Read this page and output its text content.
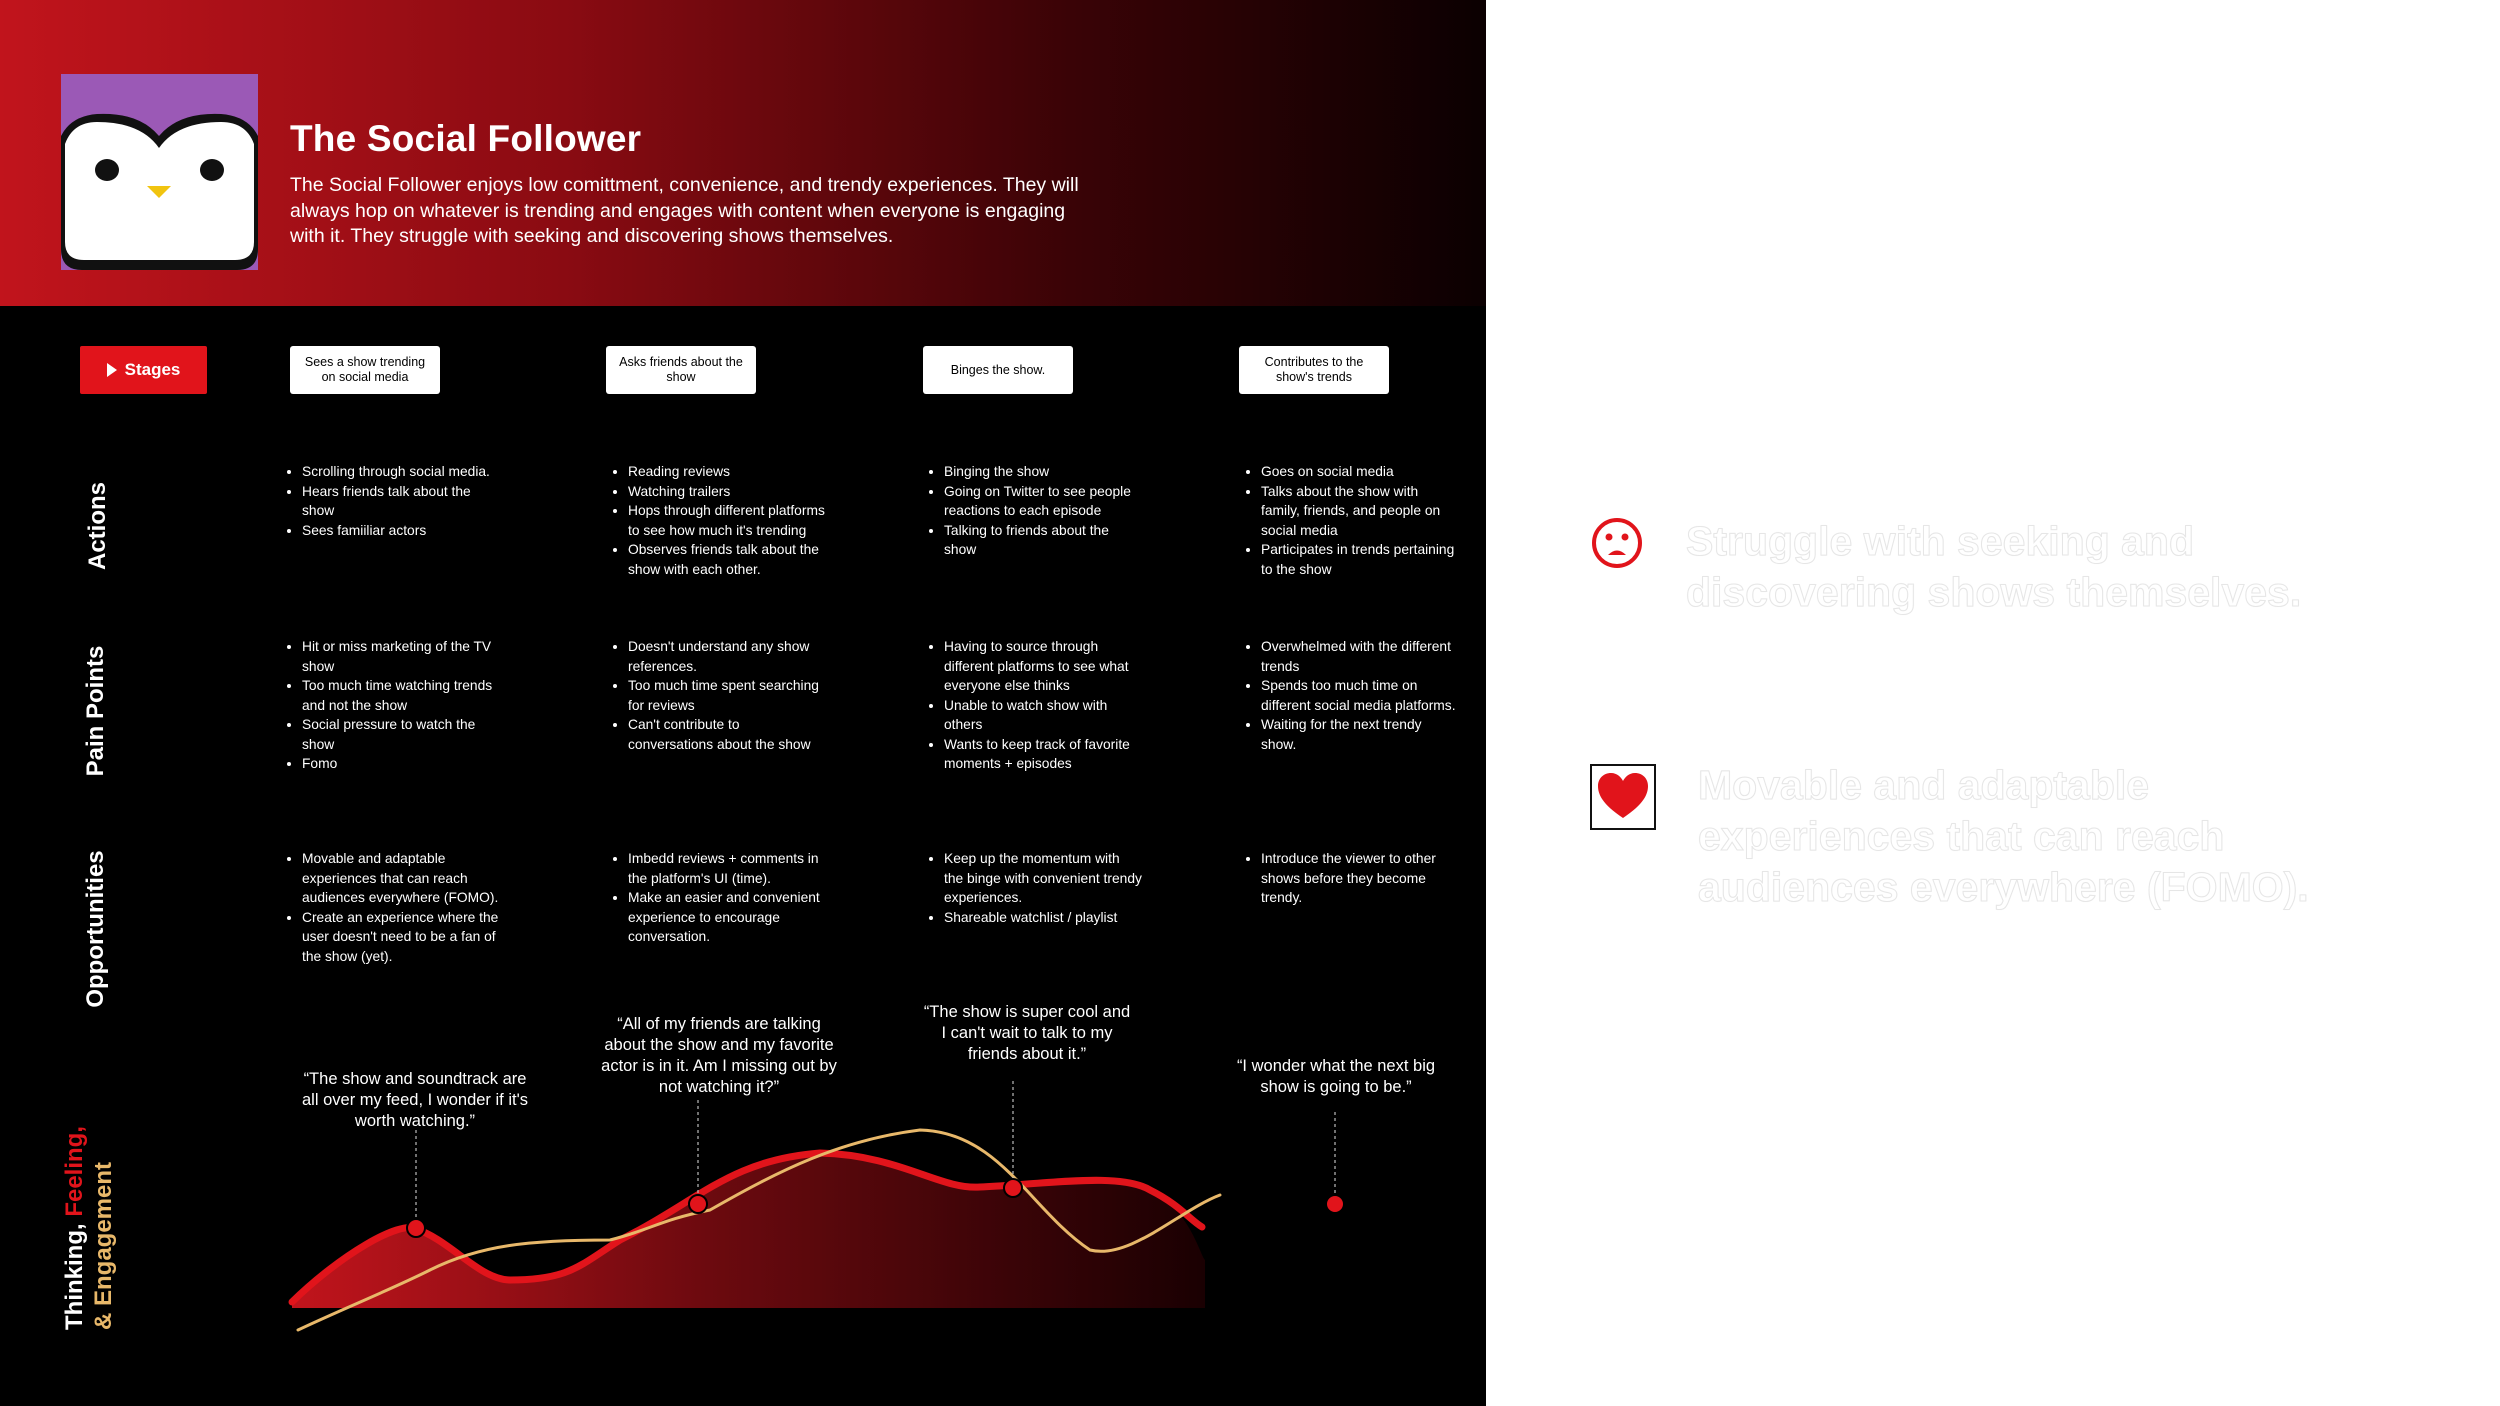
The Social Follower
The Social Follower enjoys low comittment, convenience, and trendy experiences. They will always hop on whatever is trending and engages with content when everyone is engaging with it. They struggle with seeking and discovering shows themselves.
Stages	Sees a show trending on social media
Asks friends about the show
Binges the show.
Contributes to the show's trends
Actions
Pain Points
Opportunities
• Scrolling through social media.
• Hears friends talk about the show
• Sees famiiliar actors
• Reading reviews
• Watching trailers
• Hops through different platforms to see how much it's trending
• Observes friends talk about the show with each other.
• Binging the show
• Going on Twitter to see people reactions to each episode
• Talking to friends about the show
• Goes on social media
• Talks about the show with family, friends, and people on social media
• Participates in trends pertaining to the show
• Hit or miss marketing of the TV show
• Too much time watching trends and not the show
• Social pressure to watch the show
• Fomo
• Doesn't understand any show references.
• Too much time spent searching for reviews
• Can't contribute to conversations about the show
• Having to source through different platforms to see what everyone else thinks
• Unable to watch show with others
• Wants to keep track of favorite moments + episodes
• Overwhelmed with the different trends
• Spends too much time on different social media platforms.
• Waiting for the next trendy show.
• Movable and adaptable experiences that can reach audiences everywhere (FOMO).
• Create an experience where the user doesn't need to be a fan of the show (yet).
• Imbedd reviews + comments in the platform's UI (time).
• Make an easier and convenient experience to encourage conversation.
• Keep up the momentum with the binge with convenient trendy experiences.
• Shareable watchlist / playlist
• Introduce the viewer to other shows before they become trendy.
“The show and soundtrack are all over my feed, I wonder if it's worth watching.”
“All of my friends are talking about the show and my favorite actor is in it. Am I missing out by not watching it?”
“The show is super cool and I can't wait to talk to my friends about it.”
“I wonder what the next big show is going to be.”
Thinking, Feeling,
& Engagement
Struggle with seeking and discovering shows themselves.
Movable and adaptable experiences that can reach audiences everywhere (FOMO).
